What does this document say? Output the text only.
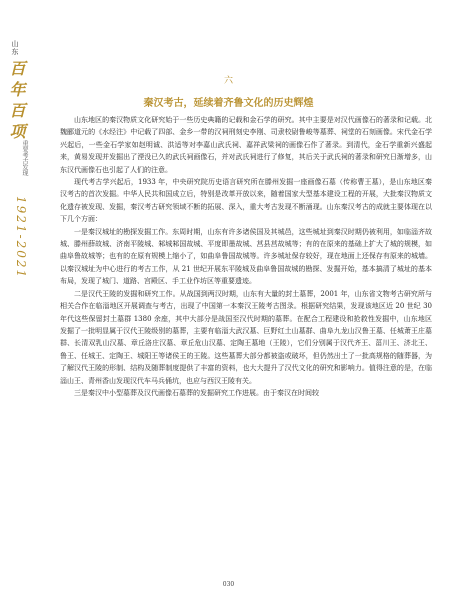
山东
百年百项
重要考古发现
1921-2021
六
秦汉考古，延续着齐鲁文化的历史辉煌

山东地区的秦汉物质文化研究始于一些历史典籍的记载和金石学的研究。其中主要是对汉代画像石的著录和记载。北魏郦道元的《水经注》中记载了四部、金乡一带的汉祠刑刻史李刚、司隶校尉鲁峻等墓葬、祠堂的石刻画像。宋代金石学兴起后，一些金石学家如赵明诚、洪适等对李嘉山武氏祠、嘉祥武梁祠的画像石作了著录。到清代，金石学重新兴盛起来，黄易发现并发掘出了湮没已久的武氏祠画像石，并对武氏祠进行了修复，其后关于武氏祠的著录和研究日渐增多，山东汉代画像石也引起了人们的注意。

现代考古学兴起后，1933 年，中央研究院历史语言研究所在滕州发掘一座画像石墓（传称曹王墓），是山东地区秦汉考古的首次发掘。中华人民共和国成立后，特别是改革开放以来，随着国家大型基本建设工程的开展，大批秦汉物质文化遗存被发现、发掘，秦汉考古研究领域不断的拓展、深入，重大考古发现不断涌现。山东秦汉考古的成就主要体现在以下几个方面：

一是秦汉城址的勘探发掘工作。东周时期，山东有许多诸侯国及其城邑，这些城址到秦汉时期仍被利用，如临淄齐故城、滕州薛故城、济南平陵城、邾城邾国故城、平度即墨故城、莒县莒故城等；有的在原来的基础上扩大了城的规模，如曲阜鲁故城等；也有的在原有规模上缩小了，如曲阜鲁国故城等。许多城址保存较好，现在地面上还保存有原来的城墙。以秦汉城址为中心进行的考古工作，从 21 世纪开展东平陵城及曲阜鲁国故城的勘探、发掘开始，基本搞清了城址的基本布局，发现了城门、道路、宫殿区、手工业作坊区等重要遗迹。

二是汉代王陵的发掘和研究工作。从战国到两汉时期，山东有大量的封土墓葬，2001 年，山东省文物考古研究所与相关合作在临淄地区开展调查与考古，出现了中国第一本秦汉王陵考古图录。根据研究结果，发现该地区近 20 世纪 30 年代这些保留封土墓群 1380 余座，其中大部分是战国至汉代时期的墓葬。在配合工程建设和抢救性发掘中，山东地区发掘了一批明显属于汉代王陵级别的墓葬，主要有临淄大武汉墓、巨野红土山墓群、曲阜九龙山汉鲁王墓、任城萧王庄墓群、长清双乳山汉墓、章丘洛庄汉墓、章丘危山汉墓、定陶王墓地（王陵），它们分别属于汉代齐王、菑川王、济北王、鲁王、任城王、定陶王、城阳王等诸侯王的王陵。这些墓葬大部分都被盗或破坏，但仍然出土了一批高规格的随葬器，为了解汉代王陵的形制、结构及随葬制度提供了丰富的资料，也大大提升了汉代文化的研究和影响力。值得注意的是，在临淄山王、青州香山发现汉代车马兵俑坑，也应与西汉王陵有关。

三是秦汉中小型墓葬及汉代画像石墓葬的发掘研究工作进展。由于秦汉在时间较

030
